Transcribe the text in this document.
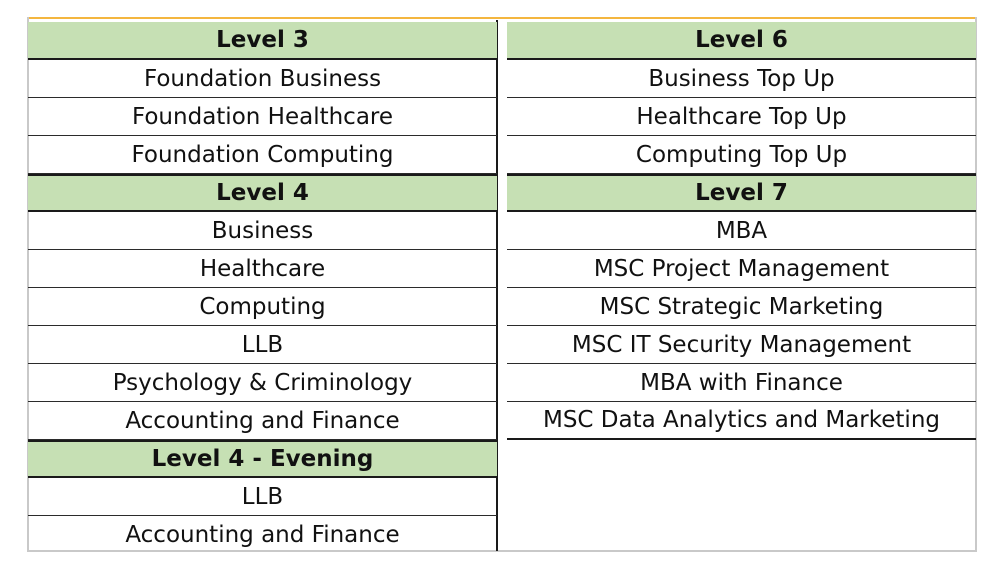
Level 3
Foundation Business
Foundation Healthcare
Foundation Computing
Level 4
Business
Healthcare
Computing
LLB
Psychology & Criminology
Accounting and Finance
Level 4 - Evening
LLB
Accounting and Finance
Level 6
Business Top Up
Healthcare Top Up
Computing Top Up
Level 7
MBA
MSC Project Management
MSC Strategic Marketing
MSC IT Security Management
MBA with Finance
MSC Data Analytics and Marketing
